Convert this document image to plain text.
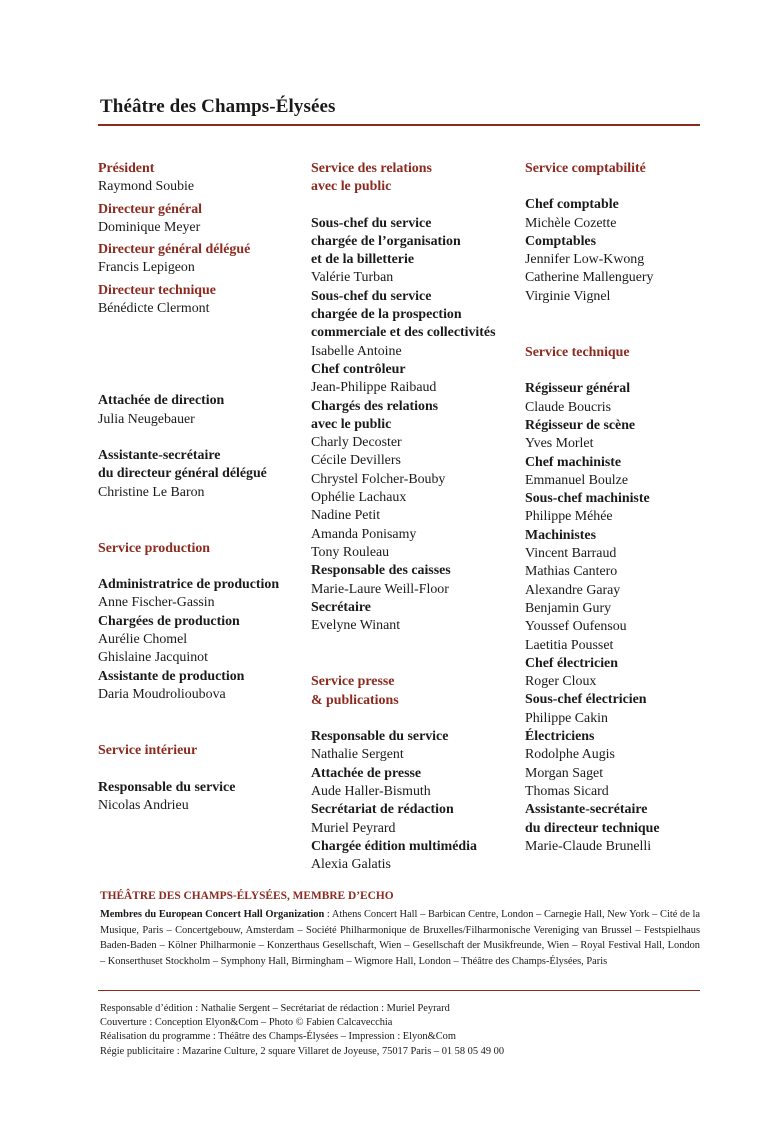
Théâtre des Champs-Élysées
Président
Raymond Soubie
Directeur général
Dominique Meyer
Directeur général délégué
Francis Lepigeon
Directeur technique
Bénédicte Clermont
Attachée de direction
Julia Neugebauer
Assistante-secrétaire
du directeur général délégué
Christine Le Baron
Service production
Administratrice de production
Anne Fischer-Gassin
Chargées de production
Aurélie Chomel
Ghislaine Jacquinot
Assistante de production
Daria Moudrolioubova
Service intérieur
Responsable du service
Nicolas Andrieu
Service des relations
avec le public
Sous-chef du service
chargée de l’organisation
et de la billetterie
Valérie Turban
Sous-chef du service
chargée de la prospection
commerciale et des collectivités
Isabelle Antoine
Chef contrôleur
Jean-Philippe Raibaud
Chargés des relations
avec le public
Charly Decoster
Cécile Devillers
Chrystel Folcher-Bouby
Ophélie Lachaux
Nadine Petit
Amanda Ponisamy
Tony Rouleau
Responsable des caisses
Marie-Laure Weill-Floor
Secrétaire
Evelyne Winant
Service presse
& publications
Responsable du service
Nathalie Sergent
Attachée de presse
Aude Haller-Bismuth
Secrétariat de rédaction
Muriel Peyrard
Chargée édition multimédia
Alexia Galatis
Service comptabilité
Chef comptable
Michèle Cozette
Comptables
Jennifer Low-Kwong
Catherine Mallenguery
Virginie Vignel
Service technique
Régisseur général
Claude Boucris
Régisseur de scène
Yves Morlet
Chef machiniste
Emmanuel Boulze
Sous-chef machiniste
Philippe Méhée
Machinistes
Vincent Barraud
Mathias Cantero
Alexandre Garay
Benjamin Gury
Youssef Oufensou
Laetitia Pousset
Chef électricien
Roger Cloux
Sous-chef électricien
Philippe Cakin
Électriciens
Rodolphe Augis
Morgan Saget
Thomas Sicard
Assistante-secrétaire
du directeur technique
Marie-Claude Brunelli
THÉÂTRE DES CHAMPS-ÉLYSÉES, MEMBRE D’ECHO
Membres du European Concert Hall Organization : Athens Concert Hall – Barbican Centre, London – Carnegie Hall, New York – Cité de la Musique, Paris – Concertgebouw, Amsterdam – Société Philharmonique de Bruxelles/Filharmonische Vereniging van Brussel – Festspielhaus Baden-Baden – Kölner Philharmonie – Konzerthaus Gesellschaft, Wien – Gesellschaft der Musikfreunde, Wien – Royal Festival Hall, London – Konserthuset Stockholm – Symphony Hall, Birmingham – Wigmore Hall, London – Théâtre des Champs-Élysées, Paris
Responsable d’édition : Nathalie Sergent – Secrétariat de rédaction : Muriel Peyrard
Couverture : Conception Elyon&Com – Photo © Fabien Calcavecchia
Réalisation du programme : Théâtre des Champs-Élysées – Impression : Elyon&Com
Régie publicitaire : Mazarine Culture, 2 square Villaret de Joyeuse, 75017 Paris – 01 58 05 49 00
